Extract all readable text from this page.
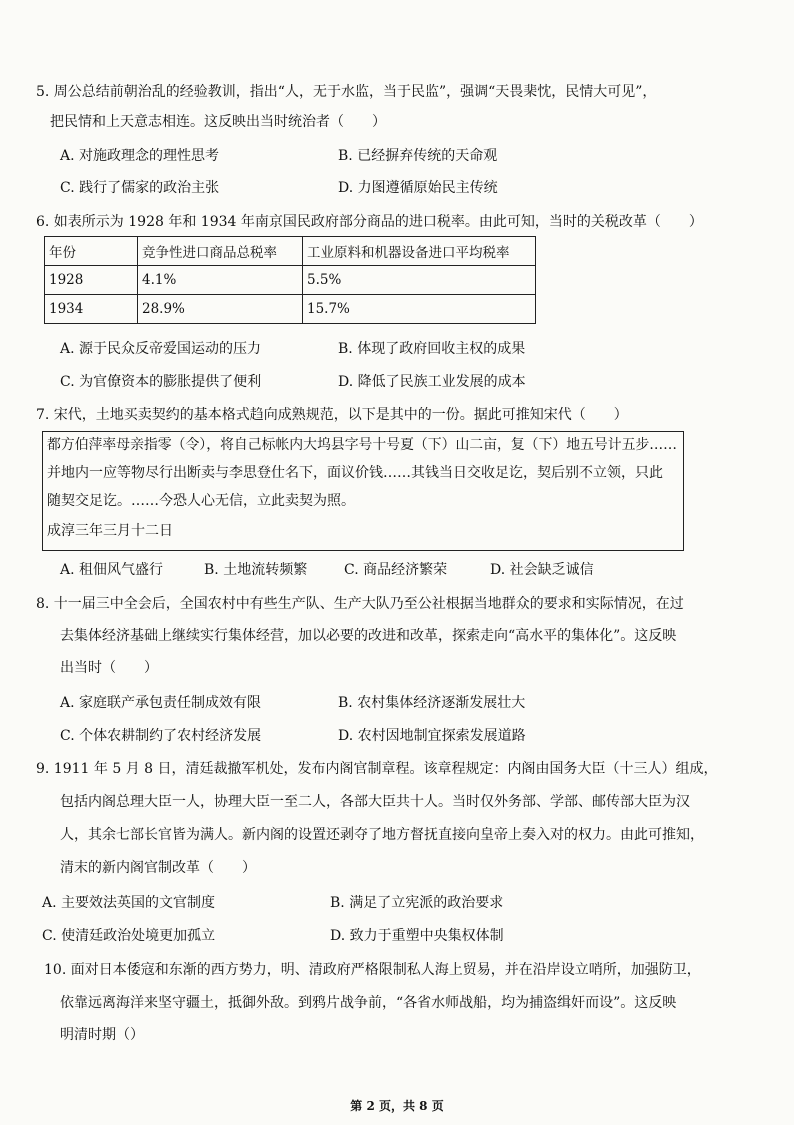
5. 周公总结前朝治乱的经验教训，指出“人，无于水监，当于民监”，强调“天畏棐忱，民情大可见”，
把民情和上天意志相连。这反映出当时统治者（　　）
A. 对施政理念的理性思考	B. 已经摒弃传统的天命观
C. 践行了儒家的政治主张	D. 力图遵循原始民主传统
6. 如表所示为 1928 年和 1934 年南京国民政府部分商品的进口税率。由此可知，当时的关税改革（　　）
年份	竞争性进口商品总税率	工业原料和机器设备进口平均税率
1928	4.1%	5.5%
1934	28.9%	15.7%
A. 源于民众反帝爱国运动的压力	B. 体现了政府回收主权的成果
C. 为官僚资本的膨胀提供了便利	D. 降低了民族工业发展的成本
7. 宋代，土地买卖契约的基本格式趋向成熟规范，以下是其中的一份。据此可推知宋代（　　）
都方伯萍率母亲指零（令），将自己标帐内大坞县字号十号夏（下）山二亩，复（下）地五号计五步……
并地内一应等物尽行出断卖与李思登仕名下，面议价钱……其钱当日交收足讫，契后别不立领，只此
随契交足讫。……今恐人心无信，立此卖契为照。
成淳三年三月十二日
A. 租佃风气盛行	B. 土地流转频繁	C. 商品经济繁荣	D. 社会缺乏诚信
8. 十一届三中全会后，全国农村中有些生产队、生产大队乃至公社根据当地群众的要求和实际情况，在过
去集体经济基础上继续实行集体经营，加以必要的改进和改革，探索走向“高水平的集体化”。这反映
出当时（　　）
A. 家庭联产承包责任制成效有限	B. 农村集体经济逐渐发展壮大
C. 个体农耕制约了农村经济发展	D. 农村因地制宜探索发展道路
9. 1911 年 5 月 8 日，清廷裁撤军机处，发布内阁官制章程。该章程规定：内阁由国务大臣（十三人）组成，
包括内阁总理大臣一人，协理大臣一至二人，各部大臣共十人。当时仅外务部、学部、邮传部大臣为汉
人，其余七部长官皆为满人。新内阁的设置还剥夺了地方督抚直接向皇帝上奏入对的权力。由此可推知，
清末的新内阁官制改革（　　）
A. 主要效法英国的文官制度	B. 满足了立宪派的政治要求
C. 使清廷政治处境更加孤立	D. 致力于重塑中央集权体制
10. 面对日本倭寇和东渐的西方势力，明、清政府严格限制私人海上贸易，并在沿岸设立哨所，加强防卫，
依靠远离海洋来坚守疆土，抵御外敌。到鸦片战争前，“各省水师战船，均为捕盗缉奸而设”。这反映
明清时期（）
第 2 页，共 8 页
